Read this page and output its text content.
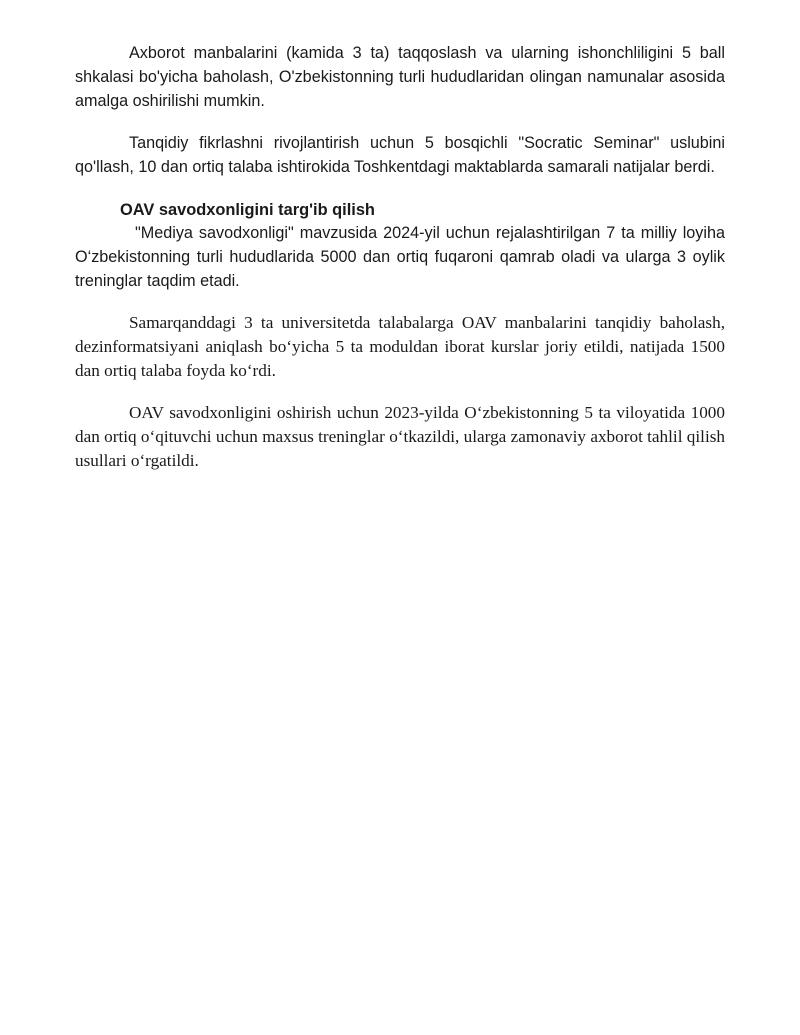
Axborot manbalarini (kamida 3 ta) taqqoslash va ularning ishonchliligini 5 ball shkalasi bo'yicha baholash, O'zbekistonning turli hududlaridan olingan namunalar asosida amalga oshirilishi mumkin.

Tanqidiy fikrlashni rivojlantirish uchun 5 bosqichli "Socratic Seminar" uslubini qo'llash, 10 dan ortiq talaba ishtirokida Toshkentdagi maktablarda samarali natijalar berdi.

OAV savodxonligini targ'ib qilish

"Mediya savodxonligi" mavzusida 2024-yil uchun rejalashtirilgan 7 ta milliy loyiha O‘zbekistonning turli hududlarida 5000 dan ortiq fuqaroni qamrab oladi va ularga 3 oylik treninglar taqdim etadi.

Samarqanddagi 3 ta universitetda talabalarga OAV manbalarini tanqidiy baholash, dezinformatsiyani aniqlash bo‘yicha 5 ta moduldan iborat kurslar joriy etildi, natijada 1500 dan ortiq talaba foyda ko‘rdi.

OAV savodxonligini oshirish uchun 2023-yilda O‘zbekistonning 5 ta viloyatida 1000 dan ortiq o‘qituvchi uchun maxsus treninglar o‘tkazildi, ularga zamonaviy axborot tahlil qilish usullari o‘rgatildi.
